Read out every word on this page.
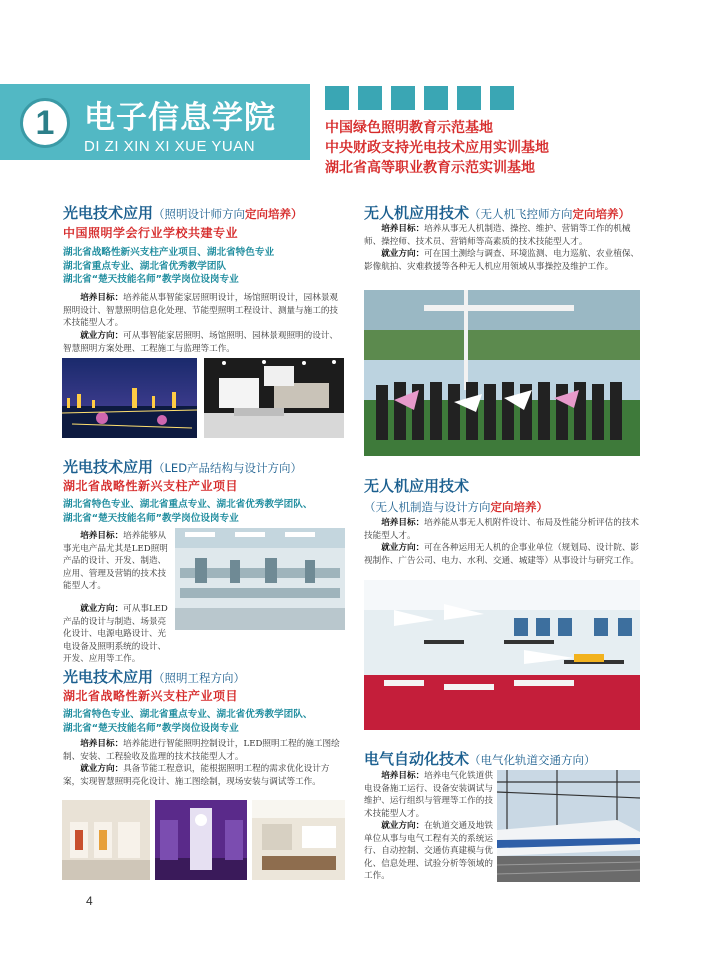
1 电子信息学院
DI ZI XIN XI XUE YUAN
中国绿色照明教育示范基地
中央财政支持光电技术应用实训基地
湖北省高等职业教育示范实训基地
光电技术应用（照明设计师方向定向培养）
中国照明学会行业学校共建专业
湖北省战略性新兴支柱产业项目、湖北省特色专业
湖北省重点专业、湖北省优秀教学团队
湖北省“楚天技能名师”教学岗位设岗专业
培养目标：培养能从事智能家居照明设计，场馆照明设计，园林景观照明设计、智慧照明信息化处理、节能型照明工程设计、测量与施工的技术技能型人才。
就业方向：可从事智能家居照明、场馆照明、园林景观照明的设计、智慧照明方案处理、工程施工与监理等工作。
光电技术应用（LED产品结构与设计方向）
湖北省战略性新兴支柱产业项目
湖北省特色专业、湖北省重点专业、湖北省优秀教学团队、
湖北省“楚天技能名师”教学岗位设岗专业
培养目标：培养能够从事光电产品尤其是LED照明产品的设计、开发、制造、应用、管理及营销的技术技能型人才。
就业方向：可从事LED产品的设计与制造、场景亮化设计、电源电路设计、光电设备及照明系统的设计、开发、应用等工作。
光电技术应用（照明工程方向）
湖北省战略性新兴支柱产业项目
湖北省特色专业、湖北省重点专业、湖北省优秀教学团队、
湖北省“楚天技能名师”教学岗位设岗专业
培养目标：培养能进行智能照明控制设计，LED照明工程的施工图绘制、安装、工程验收及监理的技术技能型人才。
就业方向：具备节能工程意识，能根据照明工程的需求优化设计方案，实现智慧照明亮化设计、施工图绘制，现场安装与调试等工作。
无人机应用技术（无人机飞控师方向定向培养）
培养目标：培养从事无人机制造、操控、维护、营销等工作的机械师、操控师、技术员、营销师等高素质的技术技能型人才。
就业方向：可在国土测绘与调查、环境监测、电力巡航、农业植保、影像航拍、灾难救援等各种无人机应用领域从事操控及维护工作。
无人机应用技术
（无人机制造与设计方向定向培养）
培养目标：培养能从事无人机附件设计、布局及性能分析评估的技术技能型人才。
就业方向：可在各种运用无人机的企事业单位（规划局、设计院、影视制作、广告公司、电力、水利、交通、城建等）从事设计与研究工作。
电气自动化技术（电气化轨道交通方向）
培养目标：培养电气化铁道供电设备施工运行、设备安装调试与维护、运行组织与管理等工作的技术技能型人才。
就业方向：在轨道交通及地铁单位从事与电气工程有关的系统运行、自动控制、交通仿真建模与优化、信息处理、试验分析等领域的工作。
4
